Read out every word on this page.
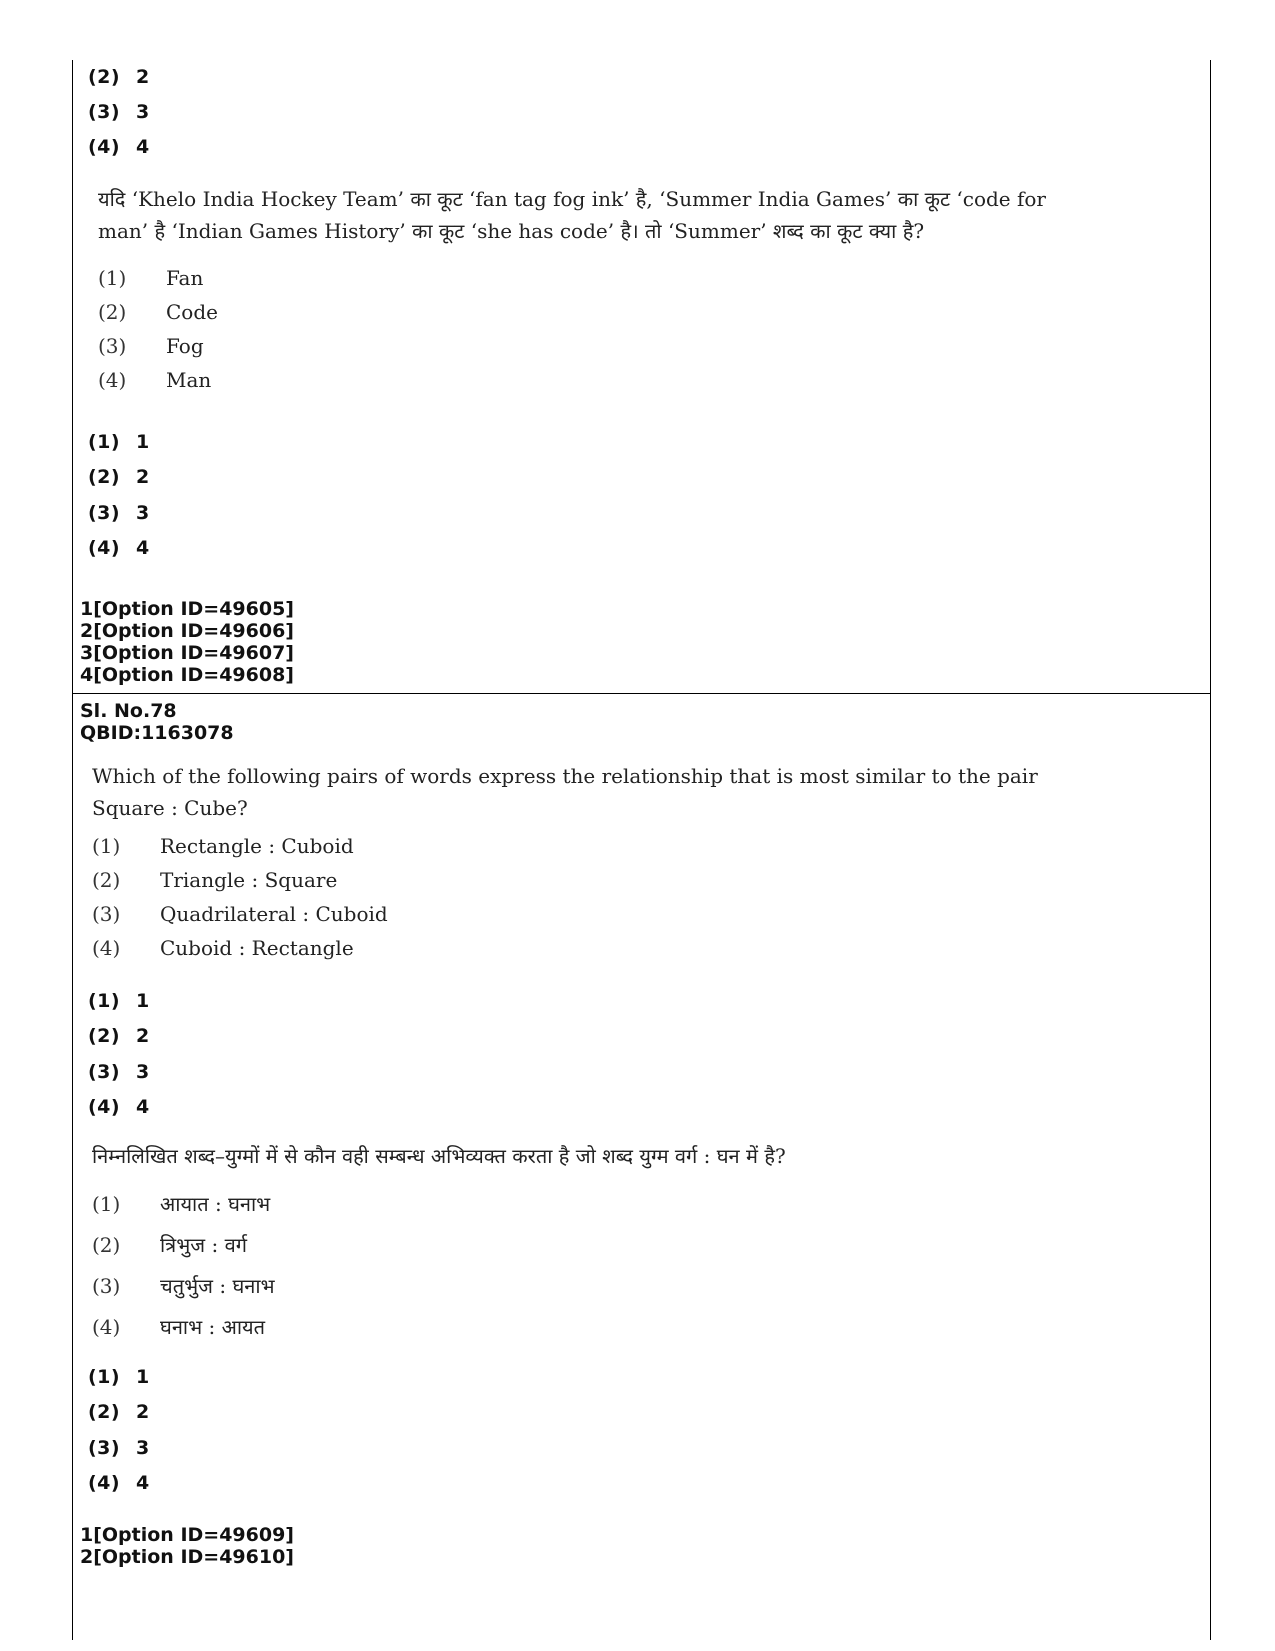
(2) 2
(3) 3
(4) 4
यदि ‘Khelo India Hockey Team’ का कूट ‘fan tag fog ink’ है, ‘Summer India Games’ का कूट ‘code for
man’ है ‘Indian Games History’ का कूट ‘she has code’ है। तो ‘Summer’ शब्द का कूट क्या है?
(1) Fan
(2) Code
(3) Fog
(4) Man
(1) 1
(2) 2
(3) 3
(4) 4
1[Option ID=49605]
2[Option ID=49606]
3[Option ID=49607]
4[Option ID=49608]
Sl. No.78
QBID:1163078
Which of the following pairs of words express the relationship that is most similar to the pair
Square : Cube?
(1) Rectangle : Cuboid
(2) Triangle : Square
(3) Quadrilateral : Cuboid
(4) Cuboid : Rectangle
(1) 1
(2) 2
(3) 3
(4) 4
निम्नलिखित शब्द–युग्मों में से कौन वही सम्बन्ध अभिव्यक्त करता है जो शब्द युग्म वर्ग : घन में है?
(1) आयात : घनाभ
(2) त्रिभुज : वर्ग
(3) चतुर्भुज : घनाभ
(4) घनाभ : आयत
(1) 1
(2) 2
(3) 3
(4) 4
1[Option ID=49609]
2[Option ID=49610]
